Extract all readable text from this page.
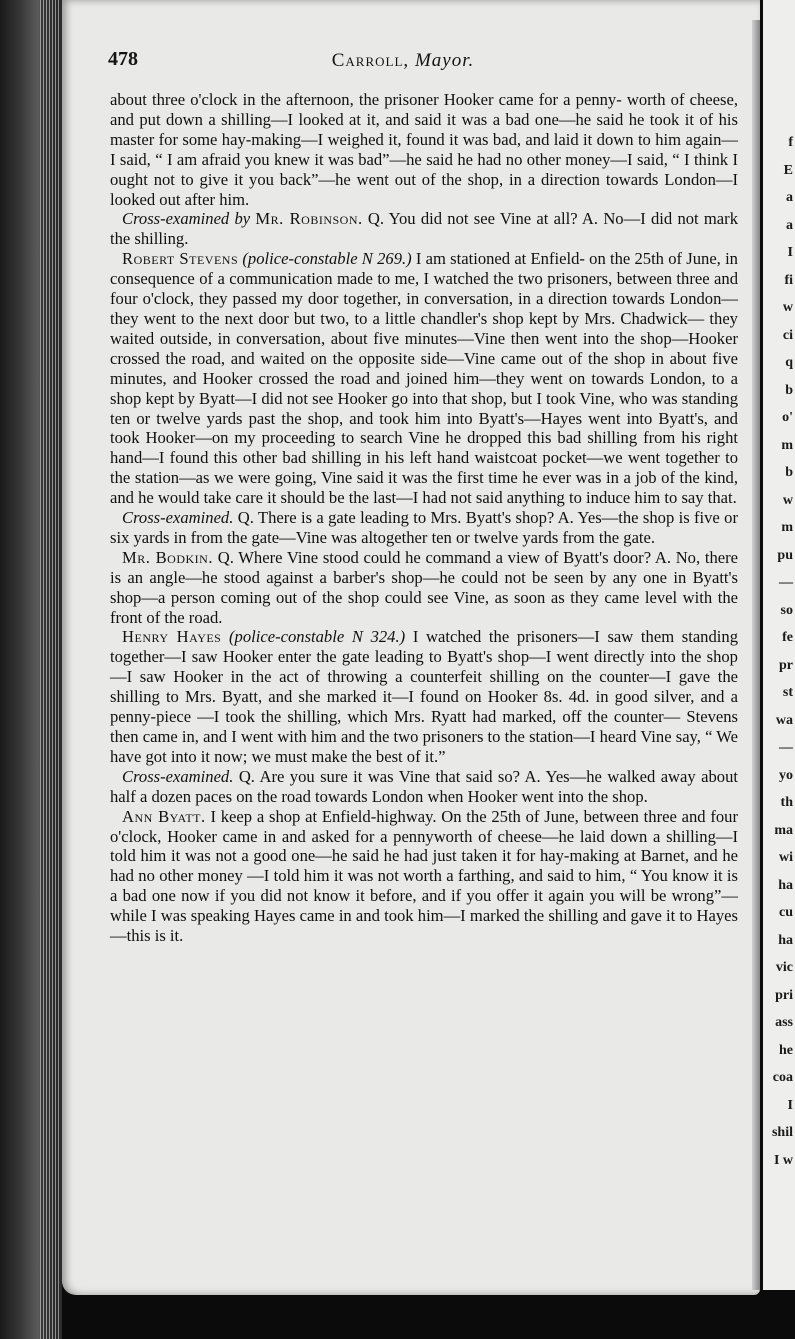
f
E
a
a
I
fi
w
ci
q
b
o'
m
b
w
m
pu
—
so
fe
pr
st
wa
—
yo
th
ma
wi
ha
cu
ha
vic
pri
ass
he
coa
I
shil
I w
478	Carroll, Mayor.

about three o'clock in the afternoon, the prisoner Hooker came for a penny- worth of cheese, and put down a shilling—I looked at it, and said it was a bad one—he said he took it of his master for some hay-making—I weighed it, found it was bad, and laid it down to him again—I said, “ I am afraid you knew it was bad”—he said he had no other money—I said, “ I think I ought not to give it you back”—he went out of the shop, in a direction towards London—I looked out after him.

Cross-examined by Mr. Robinson. Q. You did not see Vine at all? A. No—I did not mark the shilling.

Robert Stevens (police-constable N 269.) I am stationed at Enfield- on the 25th of June, in consequence of a communication made to me, I watched the two prisoners, between three and four o'clock, they passed my door together, in conversation, in a direction towards London—they went to the next door but two, to a little chandler's shop kept by Mrs. Chadwick— they waited outside, in conversation, about five minutes—Vine then went into the shop—Hooker crossed the road, and waited on the opposite side—Vine came out of the shop in about five minutes, and Hooker crossed the road and joined him—they went on towards London, to a shop kept by Byatt—I did not see Hooker go into that shop, but I took Vine, who was standing ten or twelve yards past the shop, and took him into Byatt's—Hayes went into Byatt's, and took Hooker—on my proceeding to search Vine he dropped this bad shilling from his right hand—I found this other bad shilling in his left hand waistcoat pocket—we went together to the station—as we were going, Vine said it was the first time he ever was in a job of the kind, and he would take care it should be the last—I had not said anything to induce him to say that.

Cross-examined. Q. There is a gate leading to Mrs. Byatt's shop? A. Yes—the shop is five or six yards in from the gate—Vine was altogether ten or twelve yards from the gate.

Mr. Bodkin. Q. Where Vine stood could he command a view of Byatt's door? A. No, there is an angle—he stood against a barber's shop—he could not be seen by any one in Byatt's shop—a person coming out of the shop could see Vine, as soon as they came level with the front of the road.

Henry Hayes (police-constable N 324.) I watched the prisoners—I saw them standing together—I saw Hooker enter the gate leading to Byatt's shop—I went directly into the shop—I saw Hooker in the act of throwing a counterfeit shilling on the counter—I gave the shilling to Mrs. Byatt, and she marked it—I found on Hooker 8s. 4d. in good silver, and a penny-piece —I took the shilling, which Mrs. Ryatt had marked, off the counter— Stevens then came in, and I went with him and the two prisoners to the station—I heard Vine say, “ We have got into it now; we must make the best of it.”

Cross-examined. Q. Are you sure it was Vine that said so? A. Yes—he walked away about half a dozen paces on the road towards London when Hooker went into the shop.

Ann Byatt. I keep a shop at Enfield-highway. On the 25th of June, between three and four o'clock, Hooker came in and asked for a pennyworth of cheese—he laid down a shilling—I told him it was not a good one—he said he had just taken it for hay-making at Barnet, and he had no other money —I told him it was not worth a farthing, and said to him, “ You know it is a bad one now if you did not know it before, and if you offer it again you will be wrong”—while I was speaking Hayes came in and took him—I marked the shilling and gave it to Hayes—this is it.
